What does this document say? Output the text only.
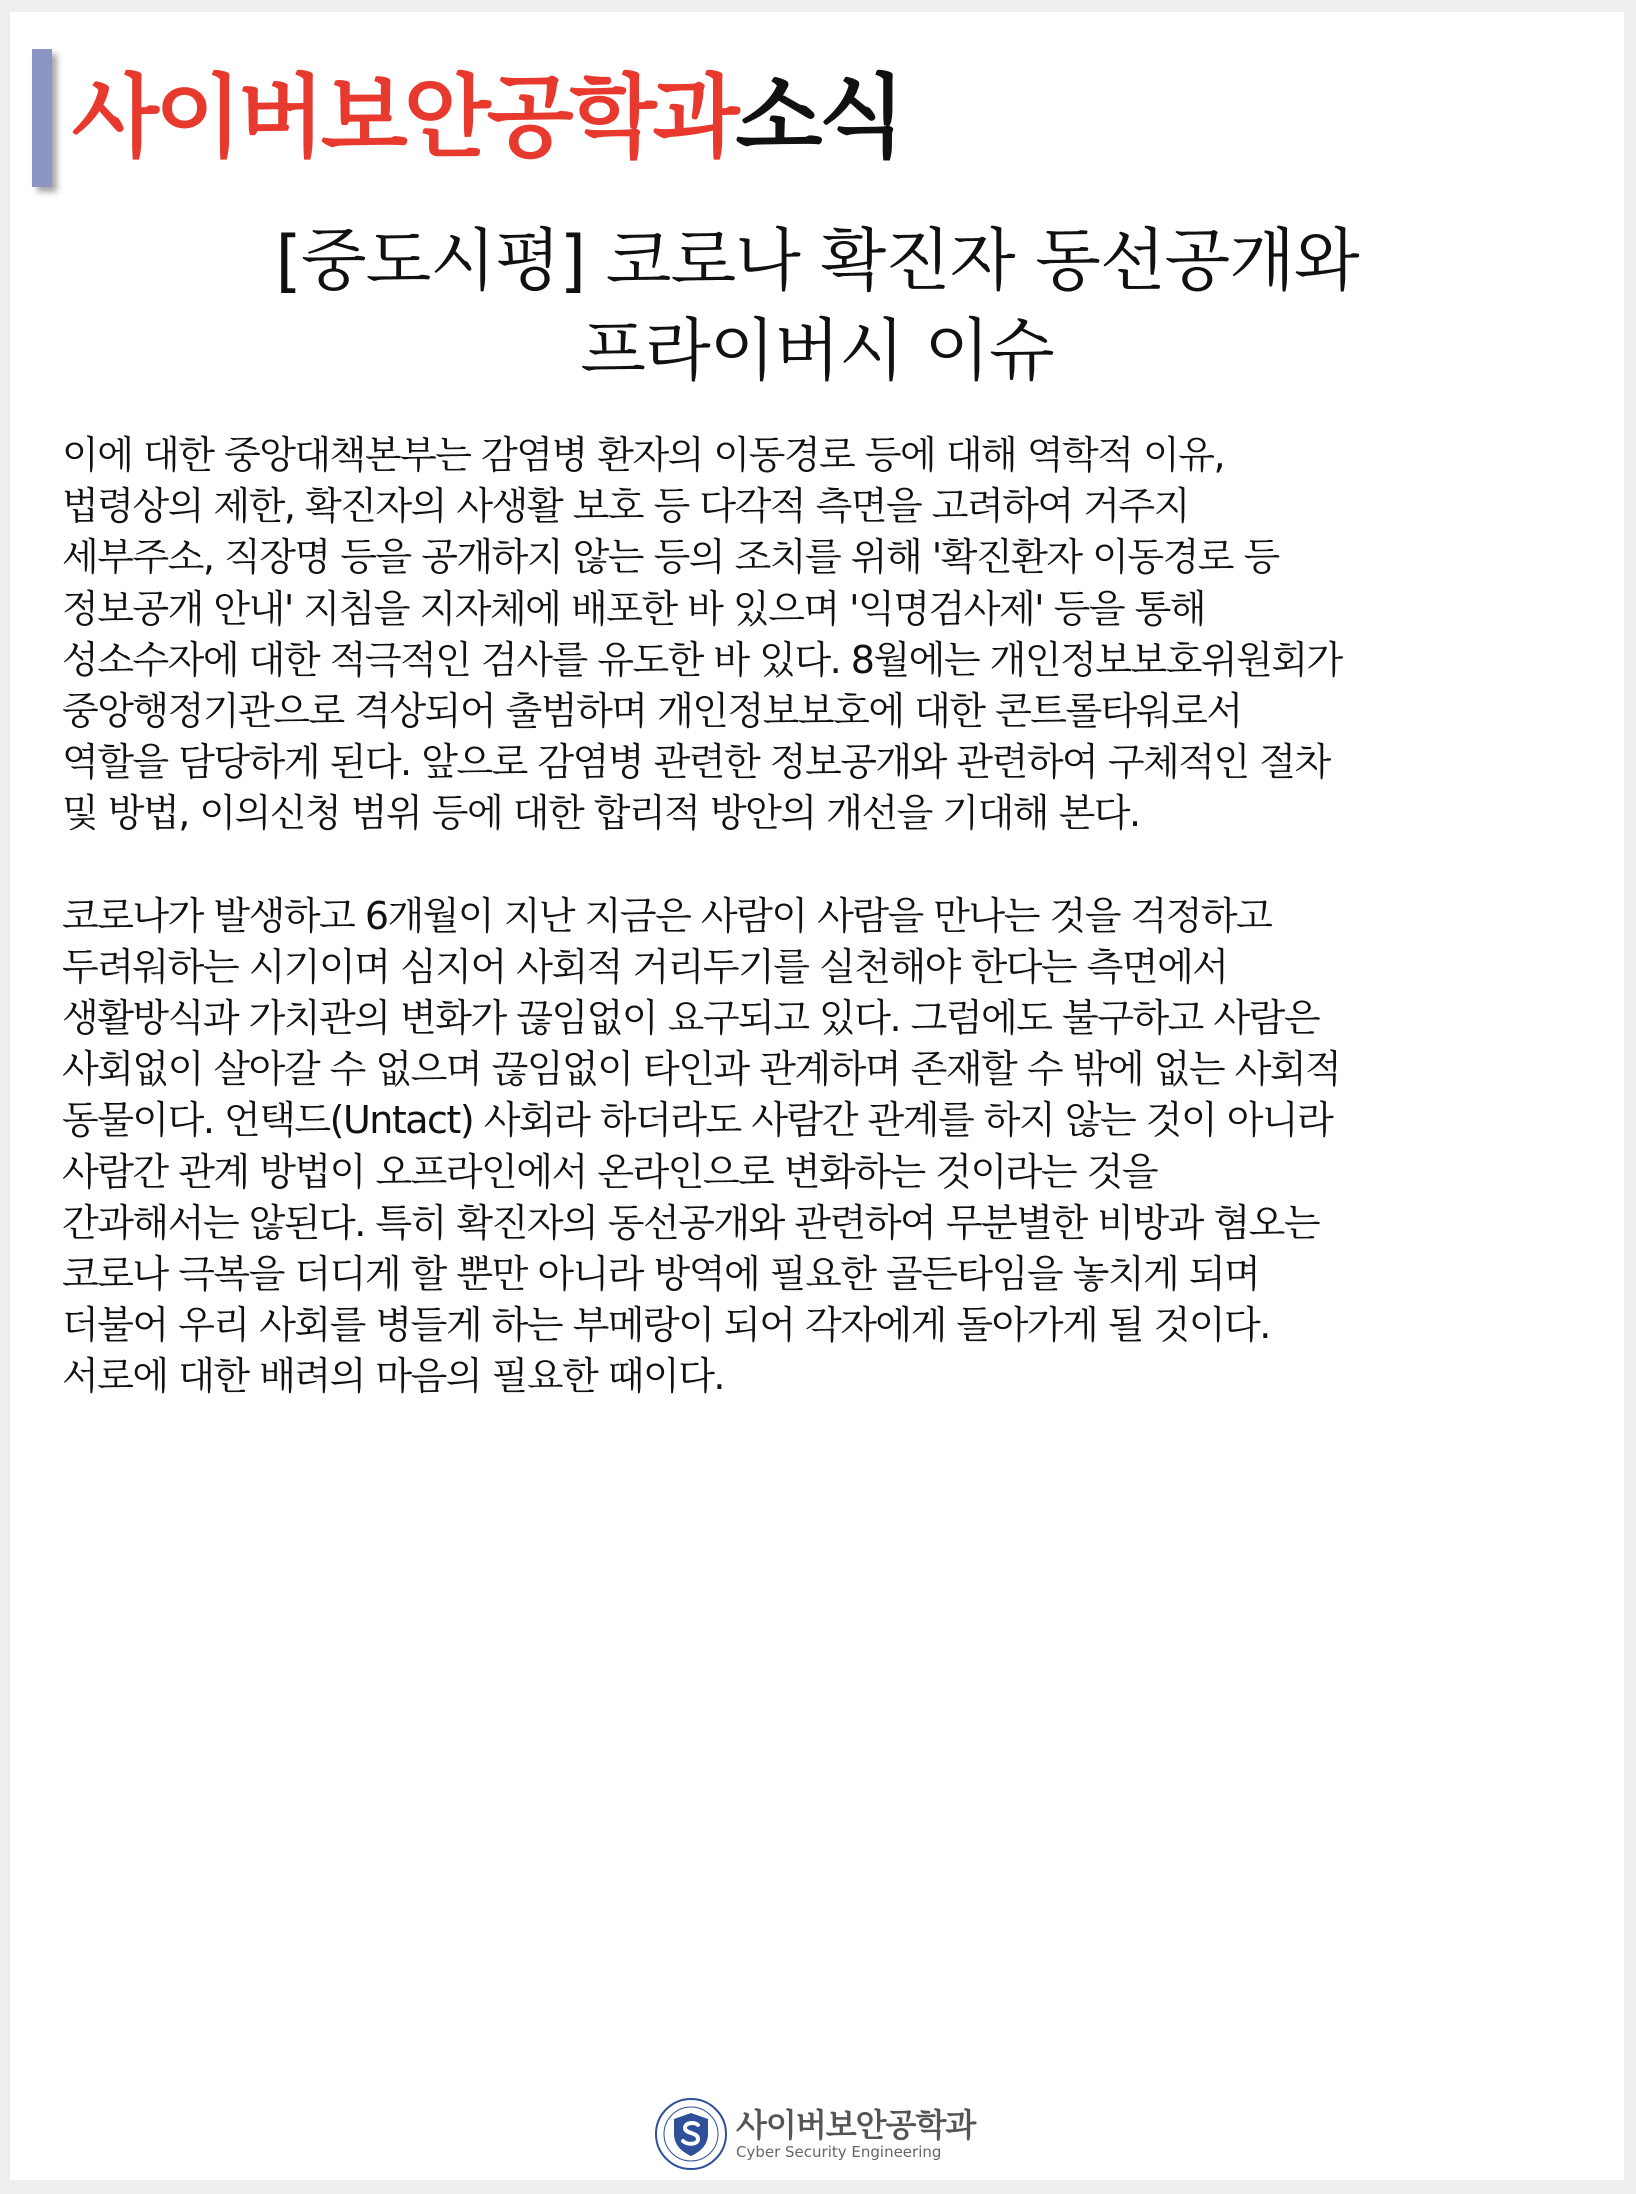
사이버보안공학과소식
[중도시평] 코로나 확진자 동선공개와
프라이버시 이슈
이에 대한 중앙대책본부는 감염병 환자의 이동경로 등에 대해 역학적 이유,
법령상의 제한, 확진자의 사생활 보호 등 다각적 측면을 고려하여 거주지
세부주소, 직장명 등을 공개하지 않는 등의 조치를 위해 '확진환자 이동경로 등
정보공개 안내' 지침을 지자체에 배포한 바 있으며 '익명검사제' 등을 통해
성소수자에 대한 적극적인 검사를 유도한 바 있다. 8월에는 개인정보보호위원회가
중앙행정기관으로 격상되어 출범하며 개인정보보호에 대한 콘트롤타워로서
역할을 담당하게 된다. 앞으로 감염병 관련한 정보공개와 관련하여 구체적인 절차
및 방법, 이의신청 범위 등에 대한 합리적 방안의 개선을 기대해 본다.
코로나가 발생하고 6개월이 지난 지금은 사람이 사람을 만나는 것을 걱정하고
두려워하는 시기이며 심지어 사회적 거리두기를 실천해야 한다는 측면에서
생활방식과 가치관의 변화가 끊임없이 요구되고 있다. 그럼에도 불구하고 사람은
사회없이 살아갈 수 없으며 끊임없이 타인과 관계하며 존재할 수 밖에 없는 사회적
동물이다. 언택드(Untact) 사회라 하더라도 사람간 관계를 하지 않는 것이 아니라
사람간 관계 방법이 오프라인에서 온라인으로 변화하는 것이라는 것을
간과해서는 않된다. 특히 확진자의 동선공개와 관련하여 무분별한 비방과 혐오는
코로나 극복을 더디게 할 뿐만 아니라 방역에 필요한 골든타임을 놓치게 되며
더불어 우리 사회를 병들게 하는 부메랑이 되어 각자에게 돌아가게 될 것이다.
서로에 대한 배려의 마음의 필요한 때이다.
사이버보안공학과
Cyber Security Engineering
